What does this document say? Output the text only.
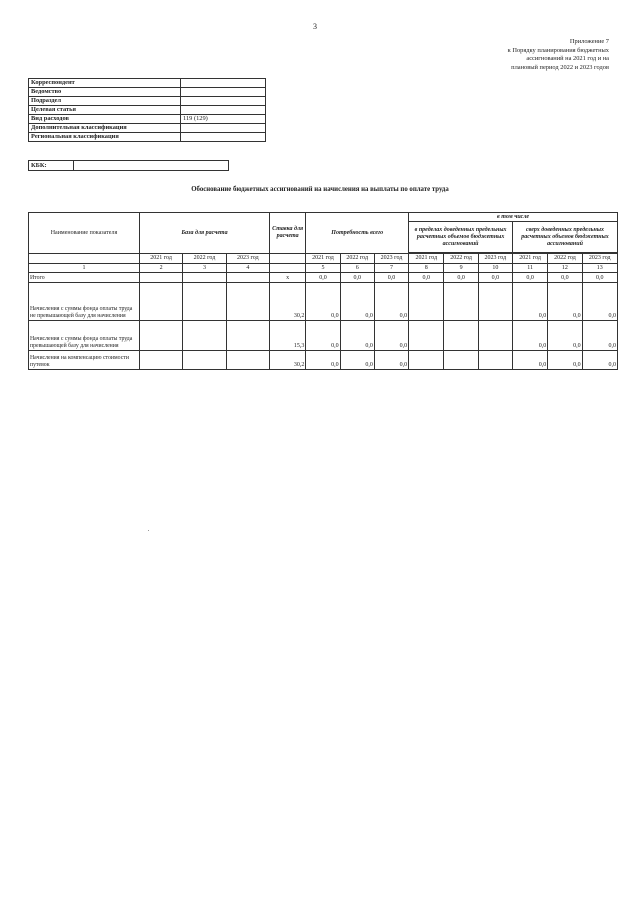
3
Приложение 7
к Порядку планирования бюджетных
ассигнований на 2021 год и на
плановый период 2022 и 2023 годов
Корреспондент	
Ведомство	
Подраздел	
Целевая статья	
Вид расходов	119 (129)
Дополнительная классификация	
Региональная классификация	
КБК:	
Обоснование бюджетных ассигнований на начисления на выплаты по оплате труда
Наименование показателя	База для расчета			Ставка для расчета	Потребность всего			в том числе					
								в пределах доведенных предельных расчетных объемов бюджетных ассигнований			сверх доведенных предельных расчетных объемов бюджетных ассигнований		

	2021 год	2022 год	2023 год		2021 год	2022 год	2023 год	2021 год	2022 год	2023 год	2021 год	2022 год	2023 год
1	2	3	4		5	6	7	8	9	10	11	12	13
Итого				x	0,0	0,0	0,0	0,0	0,0	0,0	0,0	0,0	0,0
Начисления с суммы фонда оплаты труда не превышающей базу для начисления				30,2	0,0	0,0	0,0				0,0	0,0	0,0
Начисления с суммы фонда оплаты труда превышающей базу для начисления				15,3	0,0	0,0	0,0				0,0	0,0	0,0
Начисления на компенсацию стоимости путевок				30,2	0,0	0,0	0,0				0,0	0,0	0,0
